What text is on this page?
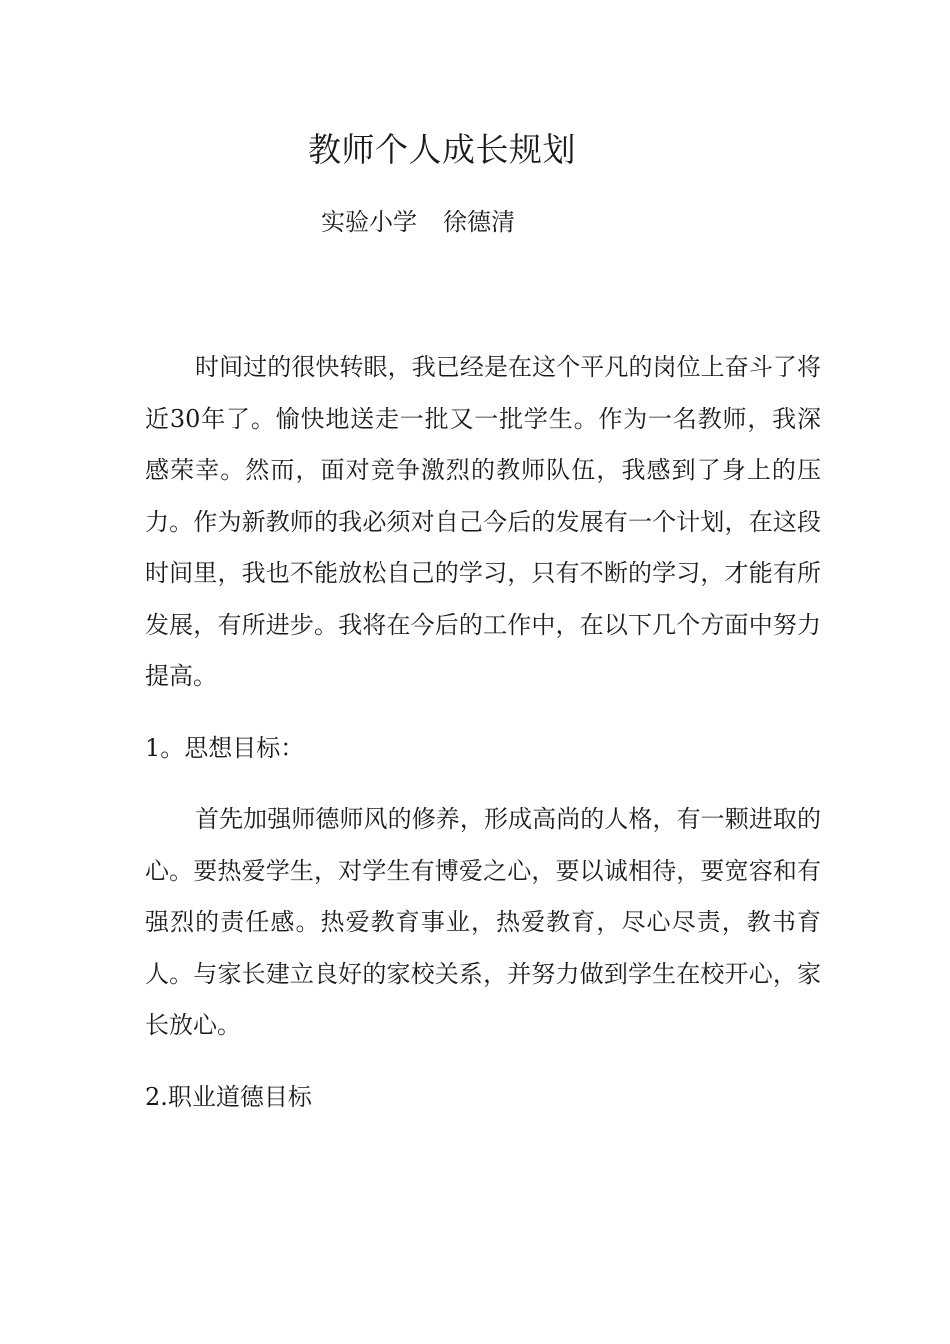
教师个人成长规划

实验小学 徐德清

时间过的很快转眼，我已经是在这个平凡的岗位上奋斗了将近30年了。愉快地送走一批又一批学生。作为一名教师，我深感荣幸。然而，面对竞争激烈的教师队伍，我感到了身上的压力。作为新教师的我必须对自己今后的发展有一个计划，在这段时间里，我也不能放松自己的学习，只有不断的学习，才能有所发展，有所进步。我将在今后的工作中，在以下几个方面中努力提高。

1。思想目标：

首先加强师德师风的修养，形成高尚的人格，有一颗进取的心。要热爱学生，对学生有博爱之心，要以诚相待，要宽容和有强烈的责任感。热爱教育事业，热爱教育，尽心尽责，教书育人。与家长建立良好的家校关系，并努力做到学生在校开心，家长放心。

2.职业道德目标
